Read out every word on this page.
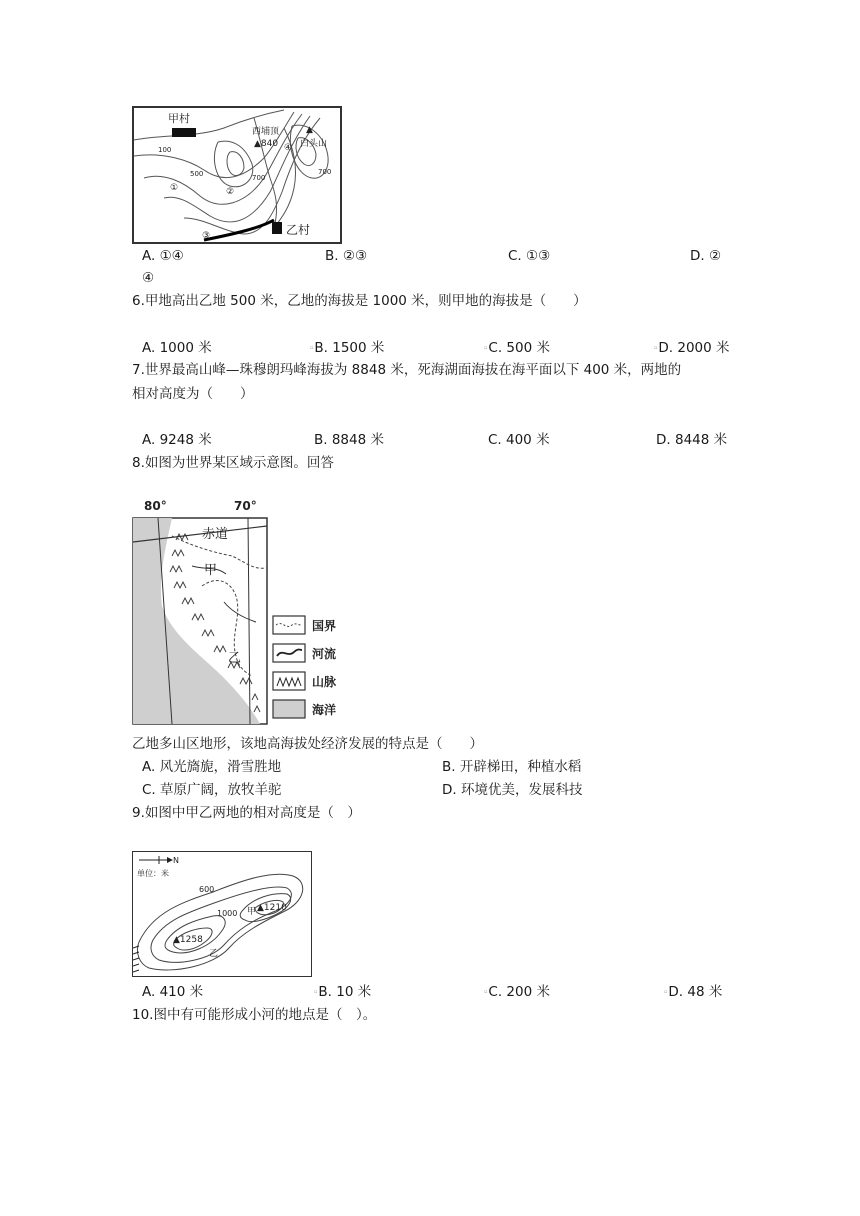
甲村
乙村
西埔顶
▲840 白头山
▲
100
500	700
700
①	②
③
④
A. ①④	B. ②③	C. ①③	D. ②
④
6.甲地高出乙地 500 米，乙地的海拔是 1000 米，则甲地的海拔是（　　）
A. 1000 米	▫B. 1500 米	▫C. 500 米	▫D. 2000 米
7.世界最高山峰—珠穆朗玛峰海拔为 8848 米，死海湖面海拔在海平面以下 400 米，两地的
相对高度为（　　）
A. 9248 米	B. 8848 米	C. 400 米	D. 8448 米
8.如图为世界某区域示意图。回答
80°	70°
赤道
甲
乙
国界
河流
山脉
海洋
乙地多山区地形，该地高海拔处经济发展的特点是（　　）
A. 风光旖旎，滑雪胜地	B. 开辟梯田，种植水稻
C. 草原广阔，放牧羊驼	D. 环境优美，发展科技
9.如图中甲乙两地的相对高度是（　）
N
单位：米
600
1000 甲 ▲1210
▲1258
乙
A. 410 米	▫B. 10 米	▫C. 200 米	▫D. 48 米
10.图中有可能形成小河的地点是（　）。
